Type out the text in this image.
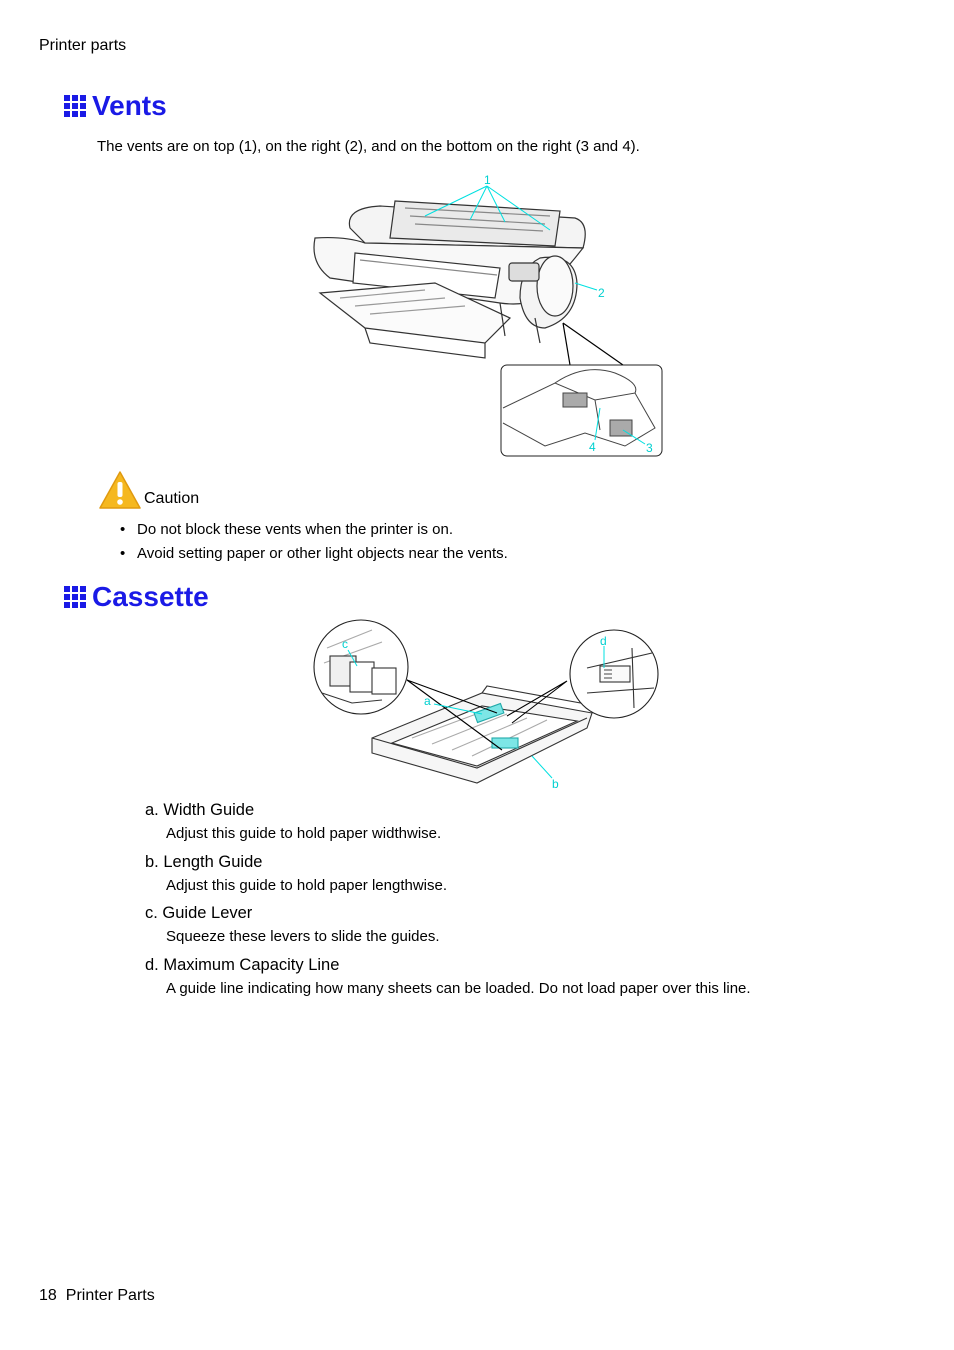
Printer parts
Vents
The vents are on top (1), on the right (2), and on the bottom on the right (3 and 4).
1
2
4	3
Caution
• Do not block these vents when the printer is on.
• Avoid setting paper or other light objects near the vents.
Cassette
c
a
b
d
a. Width Guide
Adjust this guide to hold paper widthwise.
b. Length Guide
Adjust this guide to hold paper lengthwise.
c. Guide Lever
Squeeze these levers to slide the guides.
d. Maximum Capacity Line
A guide line indicating how many sheets can be loaded. Do not load paper over this line.
18 Printer Parts
